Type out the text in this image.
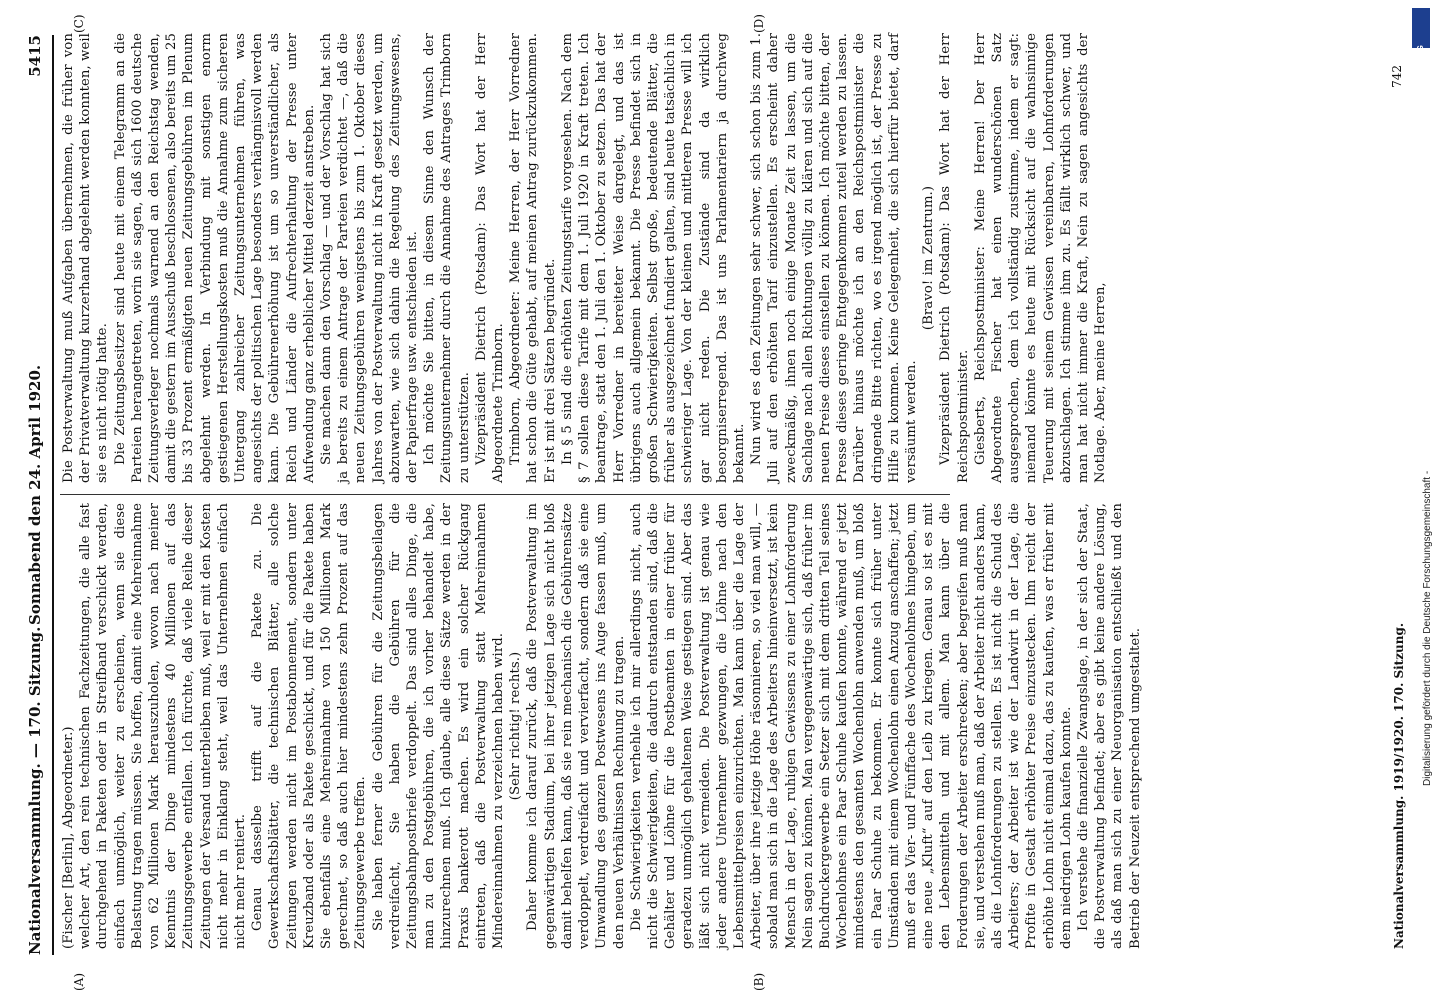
Nationalversammlung. — 170. Sitzung.
Sonnabend den 24. April 1920.
5415
(A)	(B)
(C)	(D)

(Fischer [Berlin], Abgeordneter.) welcher Art, den rein technischen Fachzeitungen, die alle fast durchgehend in Paketen oder in Streifband verschickt werden, einfach unmöglich, weiter zu erscheinen, wenn sie diese Belastung tragen müssen. Sie hoffen, damit eine Mehreinnahme von 62 Millionen Mark herauszuholen, wovon nach meiner Kenntnis der Dinge mindestens 40 Millionen auf das Zeitungsgewerbe entfallen. Ich fürchte, daß viele Reihe dieser Zeitungen der Versand unterbleiben muß, weil er mit den Kosten nicht mehr in Einklang steht, weil das Unternehmen einfach nicht mehr rentiert. Genau dasselbe trifft auf die Pakete zu. Die Gewerkschaftsblätter, die technischen Blätter, alle solche Zeitungen werden nicht im Postabonnement, sondern unter Kreuzband oder als Pakete geschickt, und für die Pakete haben Sie ebenfalls eine Mehreinnahme von 150 Millionen Mark gerechnet, so daß auch hier mindestens zehn Prozent auf das Zeitungsgewerbe treffen. Sie haben ferner die Gebühren für die Zeitungsbeilagen verdreifacht, Sie haben die Gebühren für die Zeitungsbahnpostbriefe verdoppelt. Das sind alles Dinge, die man zu den Postgebühren, die ich vorher behandelt habe, hinzurechnen muß. Ich glaube, alle diese Sätze werden in der Praxis bankerott machen. Es wird ein solcher Rückgang eintreten, daß die Postverwaltung statt Mehreinnahmen Mindereinnahmen zu verzeichnen haben wird. (Sehr richtig! rechts.) Daher komme ich darauf zurück, daß die Postverwaltung im gegenwärtigen Stadium, bei ihrer jetzigen Lage sich nicht bloß damit behelfen kann, daß sie rein mechanisch die Gebührensätze verdoppelt, verdreifacht und vervierfacht, sondern daß sie eine Umwandlung des ganzen Postwesens ins Auge fassen muß, um den neuen Verhältnissen Rechnung zu tragen. Die Schwierigkeiten verhehle ich mir allerdings nicht, auch nicht die Schwierigkeiten, die dadurch entstanden sind, daß die Gehälter und Löhne für die Postbeamten in einer früher für geradezu unmöglich gehaltenen Weise gestiegen sind. Aber das läßt sich nicht vermeiden. Die Postverwaltung ist genau wie jeder andere Unternehmer gezwungen, die Löhne nach den Lebensmittelpreisen einzurichten. Man kann über die Lage der Arbeiter, über ihre jetzige Höhe räsonnieren, so viel man will, — sobald man sich in die Lage des Arbeiters hineinversetzt, ist kein Mensch in der Lage, ruhigen Gewissens zu einer Lohnforderung Nein sagen zu können. Man vergegenwärtige sich, daß früher im Buchdruckergewerbe ein Setzer sich mit dem dritten Teil seines Wochenlohnes ein Paar Schuhe kaufen konnte, während er jetzt mindestens den gesamten Wochenlohn anwenden muß, um bloß ein Paar Schuhe zu bekommen. Er konnte sich früher unter Umständen mit einem Wochenlohn einen Anzug anschaffen; jetzt muß er das Vier- und Fünffache des Wochenlohnes hingeben, um eine neue „Kluft“ auf den Leib zu kriegen. Genau so ist es mit den Lebensmitteln und mit allem. Man kann über die Forderungen der Arbeiter erschrecken; aber begreifen muß man sie, und verstehen muß man, daß der Arbeiter nicht anders kann, als die Lohnforderungen zu stellen. Es ist nicht die Schuld des Arbeiters; der Arbeiter ist wie der Landwirt in der Lage, die Profite in Gestalt erhöhter Preise einzustecken. Ihm reicht der erhöhte Lohn nicht einmal dazu, das zu kaufen, was er früher mit dem niedrigen Lohn kaufen konnte. Ich verstehe die finanzielle Zwangslage, in der sich der Staat, die Postverwaltung befindet; aber es gibt keine andere Lösung, als daß man sich zu einer Neuorganisation entschließt und den Betrieb der Neuzeit entsprechend umgestaltet.

Die Postverwaltung muß Aufgaben übernehmen, die früher von der Privatverwaltung kurzerhand abgelehnt werden konnten, weil sie es nicht nötig hatte. Die Zeitungsbesitzer sind heute mit einem Telegramm an die Parteien herangetreten, worin sie sagen, daß sich 1600 deutsche Zeitungsverleger nochmals warnend an den Reichstag wenden, damit die gestern im Ausschuß beschlossenen, also bereits um 25 bis 33 Prozent ermäßigten neuen Zeitungsgebühren im Plenum abgelehnt werden. In Verbindung mit sonstigen enorm gestiegenen Herstellungskosten muß die Annahme zum sicheren Untergang zahlreicher Zeitungsunternehmen führen, was angesichts der politischen Lage besonders verhängnisvoll werden kann. Die Gebührenerhöhung ist um so unverständlicher, als Reich und Länder die Aufrechterhaltung der Presse unter Aufwendung ganz erheblicher Mittel derzeit anstreben. Sie machen dann den Vorschlag — und der Vorschlag hat sich ja bereits zu einem Antrage der Parteien verdichtet —, daß die neuen Zeitungsgebühren wenigstens bis zum 1. Oktober dieses Jahres von der Postverwaltung nicht in Kraft gesetzt werden, um abzuwarten, wie sich dahin die Regelung des Zeitungswesens, der Papierfrage usw. entschieden ist. Ich möchte Sie bitten, in diesem Sinne den Wunsch der Zeitungsunternehmer durch die Annahme des Antrages Trimborn zu unterstützen. Vizepräsident Dietrich (Potsdam): Das Wort hat der Herr Abgeordnete Trimborn. Trimborn, Abgeordneter: Meine Herren, der Herr Vorredner hat schon die Güte gehabt, auf meinen Antrag zurückzukommen. Er ist mit drei Sätzen begründet. In § 5 sind die erhöhten Zeitungstarife vorgesehen. Nach dem § 7 sollen diese Tarife mit dem 1. Juli 1920 in Kraft treten. Ich beantrage, statt den 1. Juli den 1. Oktober zu setzen. Das hat der Herr Vorredner in bereiteter Weise dargelegt, und das ist übrigens auch allgemein bekannt. Die Presse befindet sich in großen Schwierigkeiten. Selbst große, bedeutende Blätter, die früher als ausgezeichnet fundiert galten, sind heute tatsächlich in schwieriger Lage. Von der kleinen und mittleren Presse will ich gar nicht reden. Die Zustände sind da wirklich besorgniserregend. Das ist uns Parlamentariern ja durchweg bekannt. Nun wird es den Zeitungen sehr schwer, sich schon bis zum 1. Juli auf den erhöhten Tarif einzustellen. Es erscheint daher zweckmäßig, ihnen noch einige Monate Zeit zu lassen, um die Sachlage nach allen Richtungen völlig zu klären und sich auf die neuen Preise dieses einstellen zu können. Ich möchte bitten, der Presse dieses geringe Entgegenkommen zuteil werden zu lassen. Darüber hinaus möchte ich an den Reichspostminister die dringende Bitte richten, wo es irgend möglich ist, der Presse zu Hilfe zu kommen. Keine Gelegenheit, die sich hierfür bietet, darf versäumt werden.

(Bravo! im Zentrum.) Vizepräsident Dietrich (Potsdam): Das Wort hat der Herr Reichspostminister. Giesberts, Reichspostminister: Meine Herren! Der Herr Abgeordnete Fischer hat einen wunderschönen Satz ausgesprochen, dem ich vollständig zustimme, indem er sagt: niemand könnte es heute mit Rücksicht auf die wahnsinnige Teuerung mit seinem Gewissen vereinbaren, Lohnforderungen abzuschlagen. Ich stimme ihm zu. Es fällt wirklich schwer, und man hat nicht immer die Kraft, Nein zu sagen angesichts der Notlage. Aber, meine Herren,

Nationalversammlung. 1919/1920. 170. Sitzung.
742
Digitalisierung gefördert durch die Deutsche Forschungsgemeinschaft -
DFG
